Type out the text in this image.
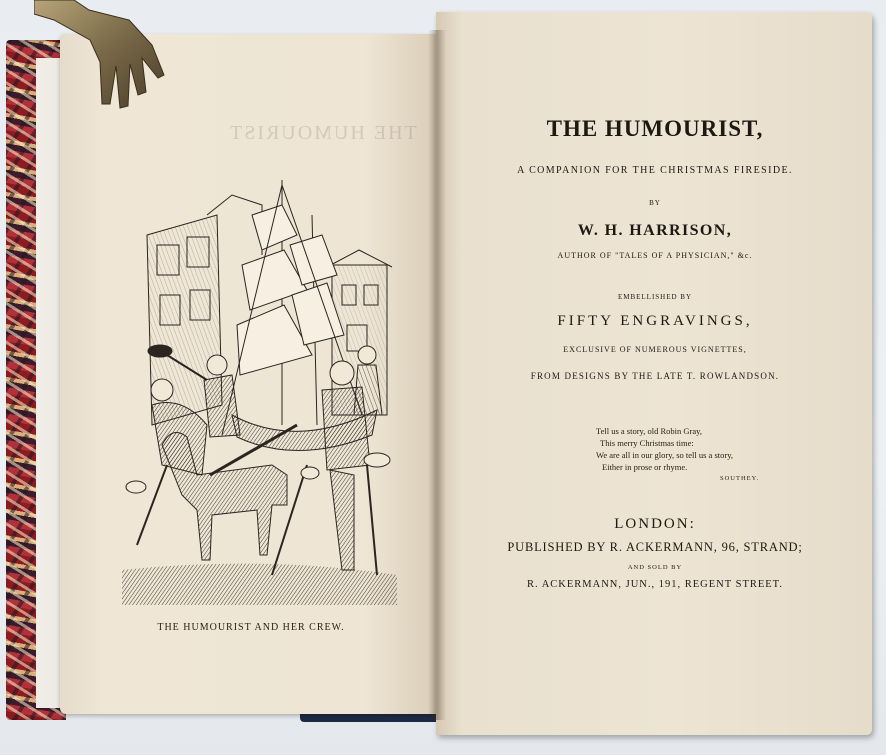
THE HUMOURIST
THE HUMOURIST AND HER CREW.
THE HUMOURIST,
A COMPANION FOR THE CHRISTMAS FIRESIDE.
BY
W. H. HARRISON,
AUTHOR OF "TALES OF A PHYSICIAN," &c.
EMBELLISHED BY
FIFTY ENGRAVINGS,
EXCLUSIVE OF NUMEROUS VIGNETTES,
FROM DESIGNS BY THE LATE T. ROWLANDSON.
Tell us a story, old Robin Gray,
This merry Christmas time:
We are all in our glory, so tell us a story,
Either in prose or rhyme.
SOUTHEY.
LONDON:
PUBLISHED BY R. ACKERMANN, 96, STRAND;
AND SOLD BY
R. ACKERMANN, JUN., 191, REGENT STREET.
